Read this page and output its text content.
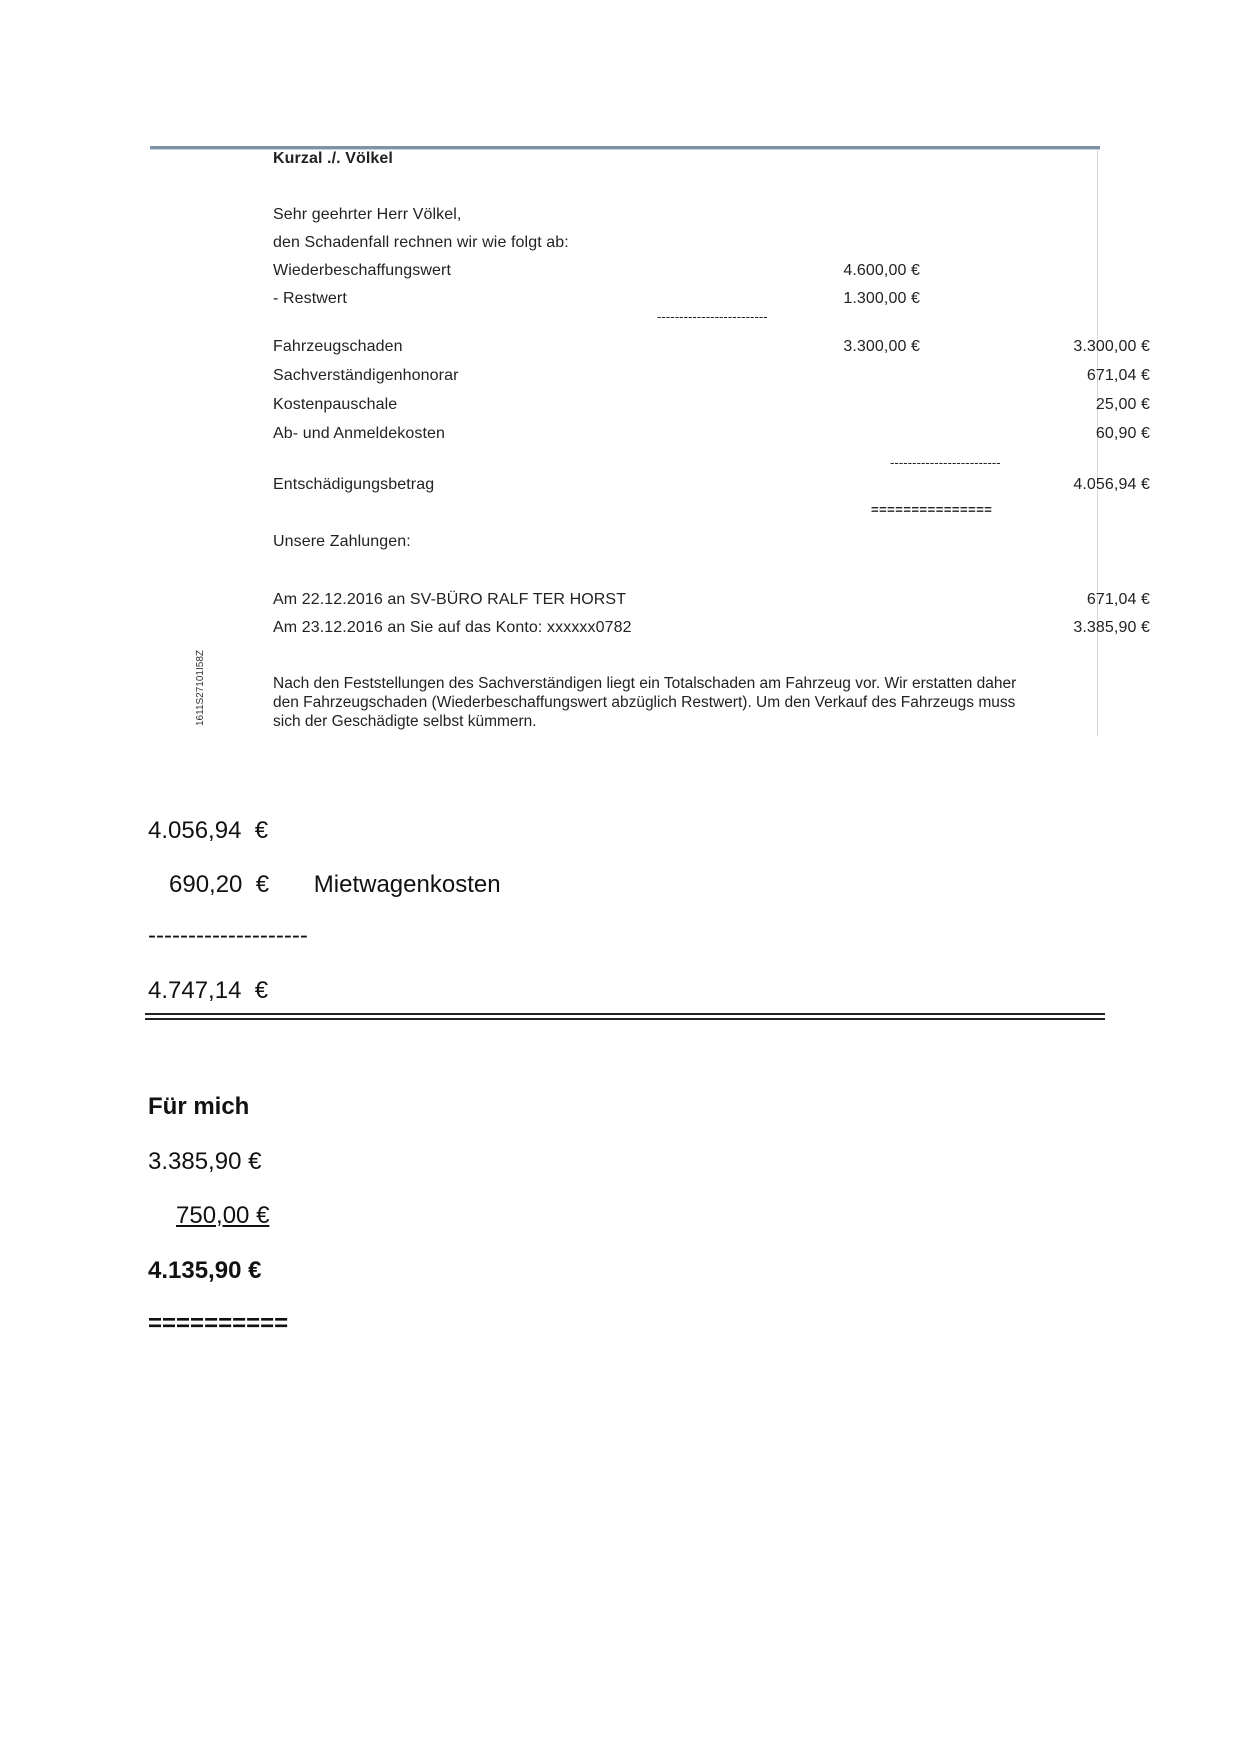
Kurzal ./. Völkel
Sehr geehrter Herr Völkel,
den Schadenfall rechnen wir wie folgt ab:
Wiederbeschaffungswert	4.600,00 €
- Restwert	1.300,00 €
-------------------------
Fahrzeugschaden	3.300,00 €	3.300,00 €
Sachverständigenhonorar	671,04 €
Kostenpauschale	25,00 €
Ab- und Anmeldekosten	60,90 €
-------------------------
Entschädigungsbetrag	4.056,94 €
===============
Unsere Zahlungen:
Am 22.12.2016 an SV-BÜRO RALF TER HORST	671,04 €
Am 23.12.2016 an Sie auf das Konto: xxxxxx0782	3.385,90 €
1611S27101I58Z	Nach den Feststellungen des Sachverständigen liegt ein Totalschaden am Fahrzeug vor. Wir erstatten daher den Fahrzeugschaden (Wiederbeschaffungswert abzüglich Restwert). Um den Verkauf des Fahrzeugs muss sich der Geschädigte selbst kümmern.
4.056,94 €
690,20 € Mietwagenkosten
--------------------
4.747,14 €
Für mich
3.385,90 €
750,00 €
4.135,90 €
==========
